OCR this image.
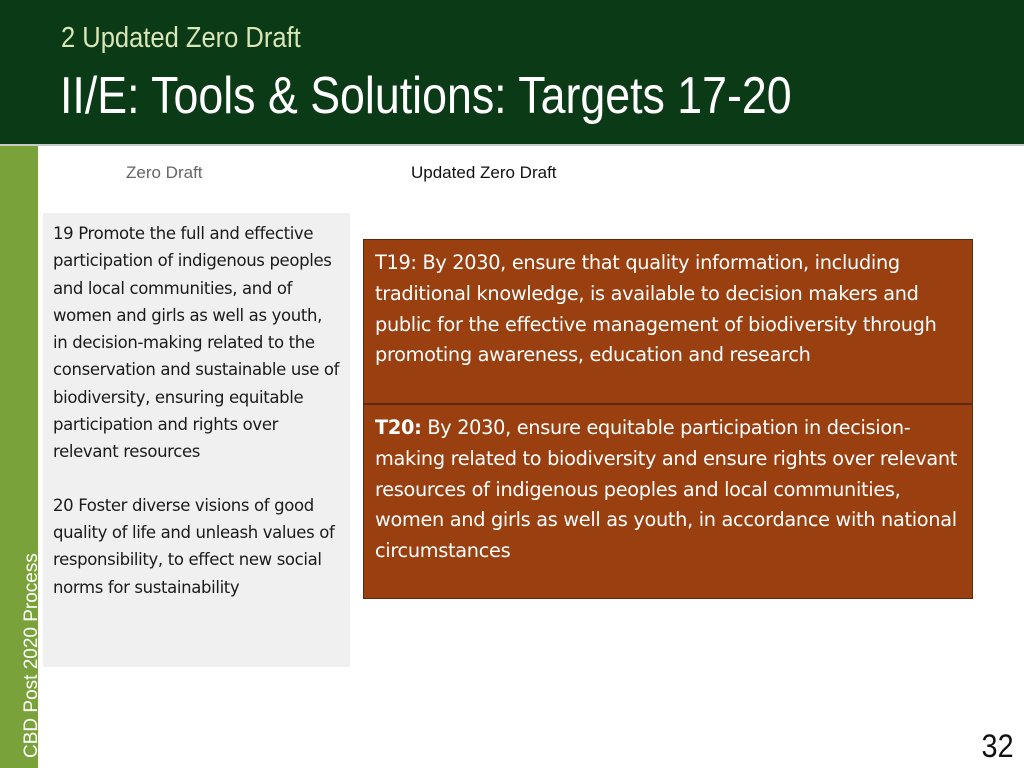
2 Updated Zero Draft
II/E: Tools & Solutions: Targets 17-20
CBD Post 2020 Process
Zero Draft	Updated Zero Draft

19 Promote the full and effective participation of indigenous peoples and local communities, and of women and girls as well as youth, in decision-making related to the conservation and sustainable use of biodiversity, ensuring equitable participation and rights over relevant resources

20 Foster diverse visions of good quality of life and unleash values of responsibility, to effect new social norms for sustainability

T19: By 2030, ensure that quality information, including traditional knowledge, is available to decision makers and public for the effective management of biodiversity through promoting awareness, education and research
T20: By 2030, ensure equitable participation in decision-making related to biodiversity and ensure rights over relevant resources of indigenous peoples and local communities, women and girls as well as youth, in accordance with national circumstances
32
